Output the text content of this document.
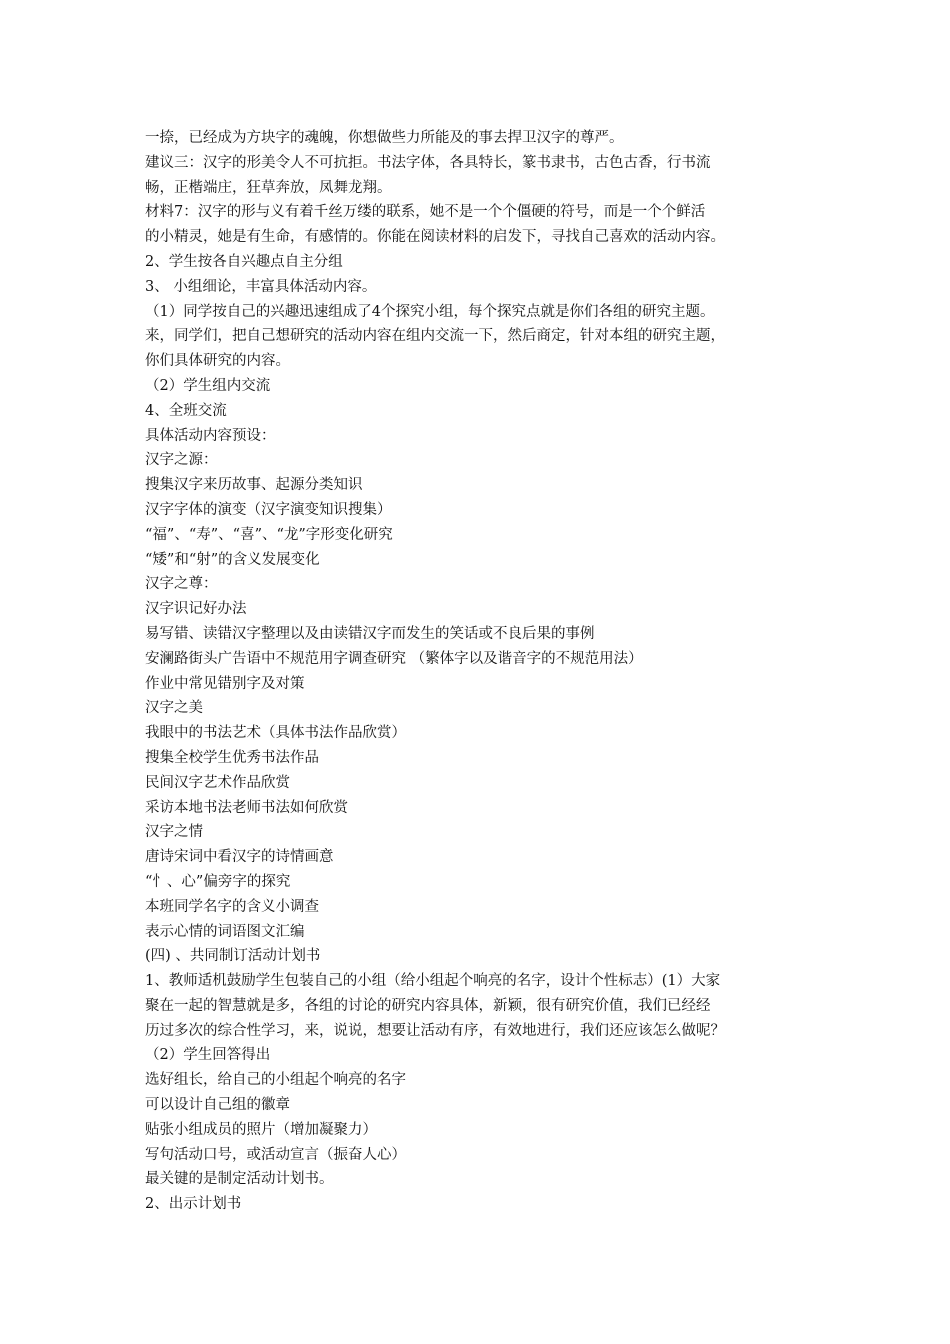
一捺，已经成为方块字的魂魄，你想做些力所能及的事去捍卫汉字的尊严。
建议三：汉字的形美令人不可抗拒。书法字体，各具特长，篆书隶书，古色古香，行书流
畅，正楷端庄，狂草奔放，凤舞龙翔。
材料7：汉字的形与义有着千丝万缕的联系，她不是一个个僵硬的符号，而是一个个鲜活
的小精灵，她是有生命，有感情的。你能在阅读材料的启发下，寻找自己喜欢的活动内容。
2、学生按各自兴趣点自主分组
3、 小组细论，丰富具体活动内容。
（1）同学按自己的兴趣迅速组成了4个探究小组，每个探究点就是你们各组的研究主题。
来，同学们，把自己想研究的活动内容在组内交流一下，然后商定，针对本组的研究主题，
你们具体研究的内容。
（2）学生组内交流
4、全班交流
具体活动内容预设：
汉字之源：
搜集汉字来历故事、起源分类知识
汉字字体的演变（汉字演变知识搜集）
“福”、“寿”、“喜”、“龙”字形变化研究
“矮”和“射”的含义发展变化
汉字之尊：
汉字识记好办法
易写错、读错汉字整理以及由读错汉字而发生的笑话或不良后果的事例
安澜路街头广告语中不规范用字调查研究 （繁体字以及谐音字的不规范用法）
作业中常见错别字及对策
汉字之美
我眼中的书法艺术（具体书法作品欣赏）
搜集全校学生优秀书法作品
民间汉字艺术作品欣赏
采访本地书法老师书法如何欣赏
汉字之情
唐诗宋词中看汉字的诗情画意
“忄、心”偏旁字的探究
本班同学名字的含义小调查
表示心情的词语图文汇编
(四) 、共同制订活动计划书
1、教师适机鼓励学生包装自己的小组（给小组起个响亮的名字，设计个性标志）(1）大家
聚在一起的智慧就是多，各组的讨论的研究内容具体，新颖，很有研究价值，我们已经经
历过多次的综合性学习，来，说说，想要让活动有序，有效地进行，我们还应该怎么做呢？
（2）学生回答得出
选好组长，给自己的小组起个响亮的名字
可以设计自己组的徽章
贴张小组成员的照片（增加凝聚力）
写句活动口号，或活动宣言（振奋人心）
最关键的是制定活动计划书。
2、出示计划书
